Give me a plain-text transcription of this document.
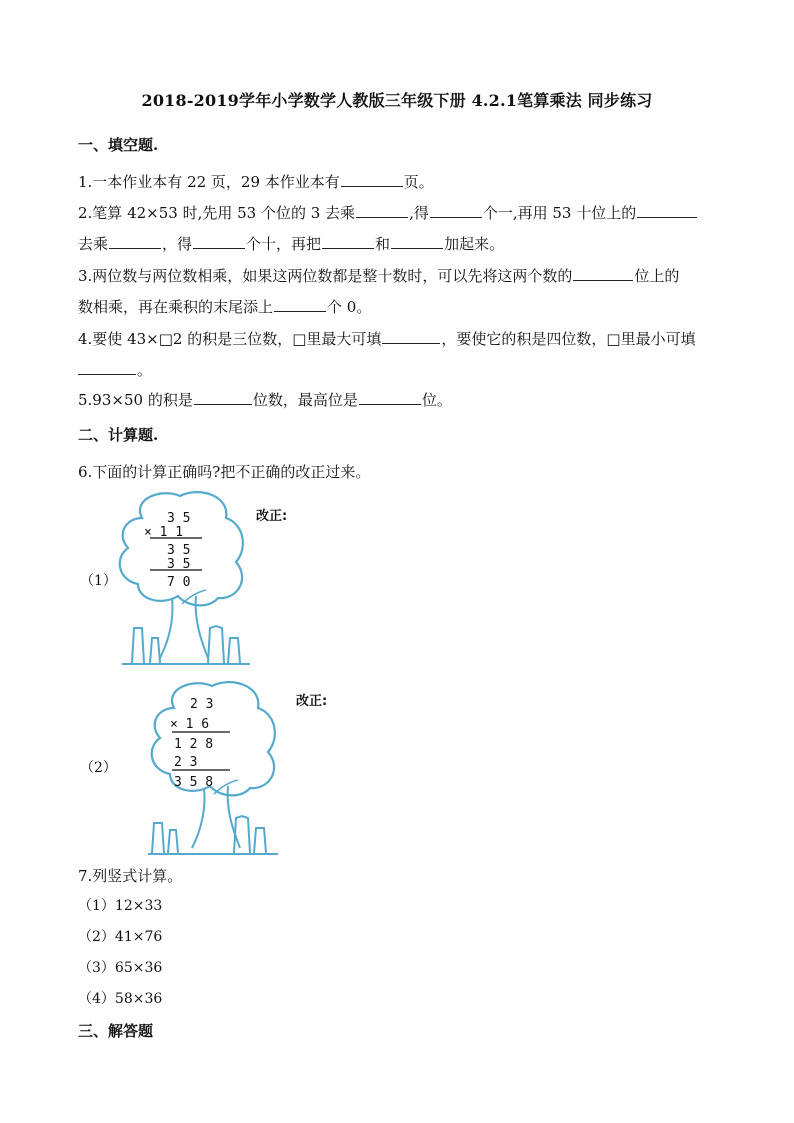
2018-2019学年小学数学人教版三年级下册 4.2.1笔算乘法 同步练习
一、填空题.
1.一本作业本有 22 页，29 本作业本有	页。
2.笔算 42×53 时,先用 53 个位的 3 去乘	,得	个一,再用 53 十位上的
去乘	，得	个十，再把	和	加起来。
3.两位数与两位数相乘，如果这两位数都是整十数时，可以先将这两个数的	位上的
数相乘，再在乘积的末尾添上	个 0。
4.要使 43×□2 的积是三位数，□里最大可填	，要使它的积是四位数，□里最小可填
。
5.93×50 的积是	位数，最高位是	位。
二、计算题.
6.下面的计算正确吗?把不正确的改正过来。
（1）
改正:
3 5
× 1 1
3 5
3 5
7 0
（2）
改正:
2 3
× 1 6
1 2 8
2 3
3 5 8
7.列竖式计算。
（1）12×33
（2）41×76
（3）65×36
（4）58×36
三、解答题
